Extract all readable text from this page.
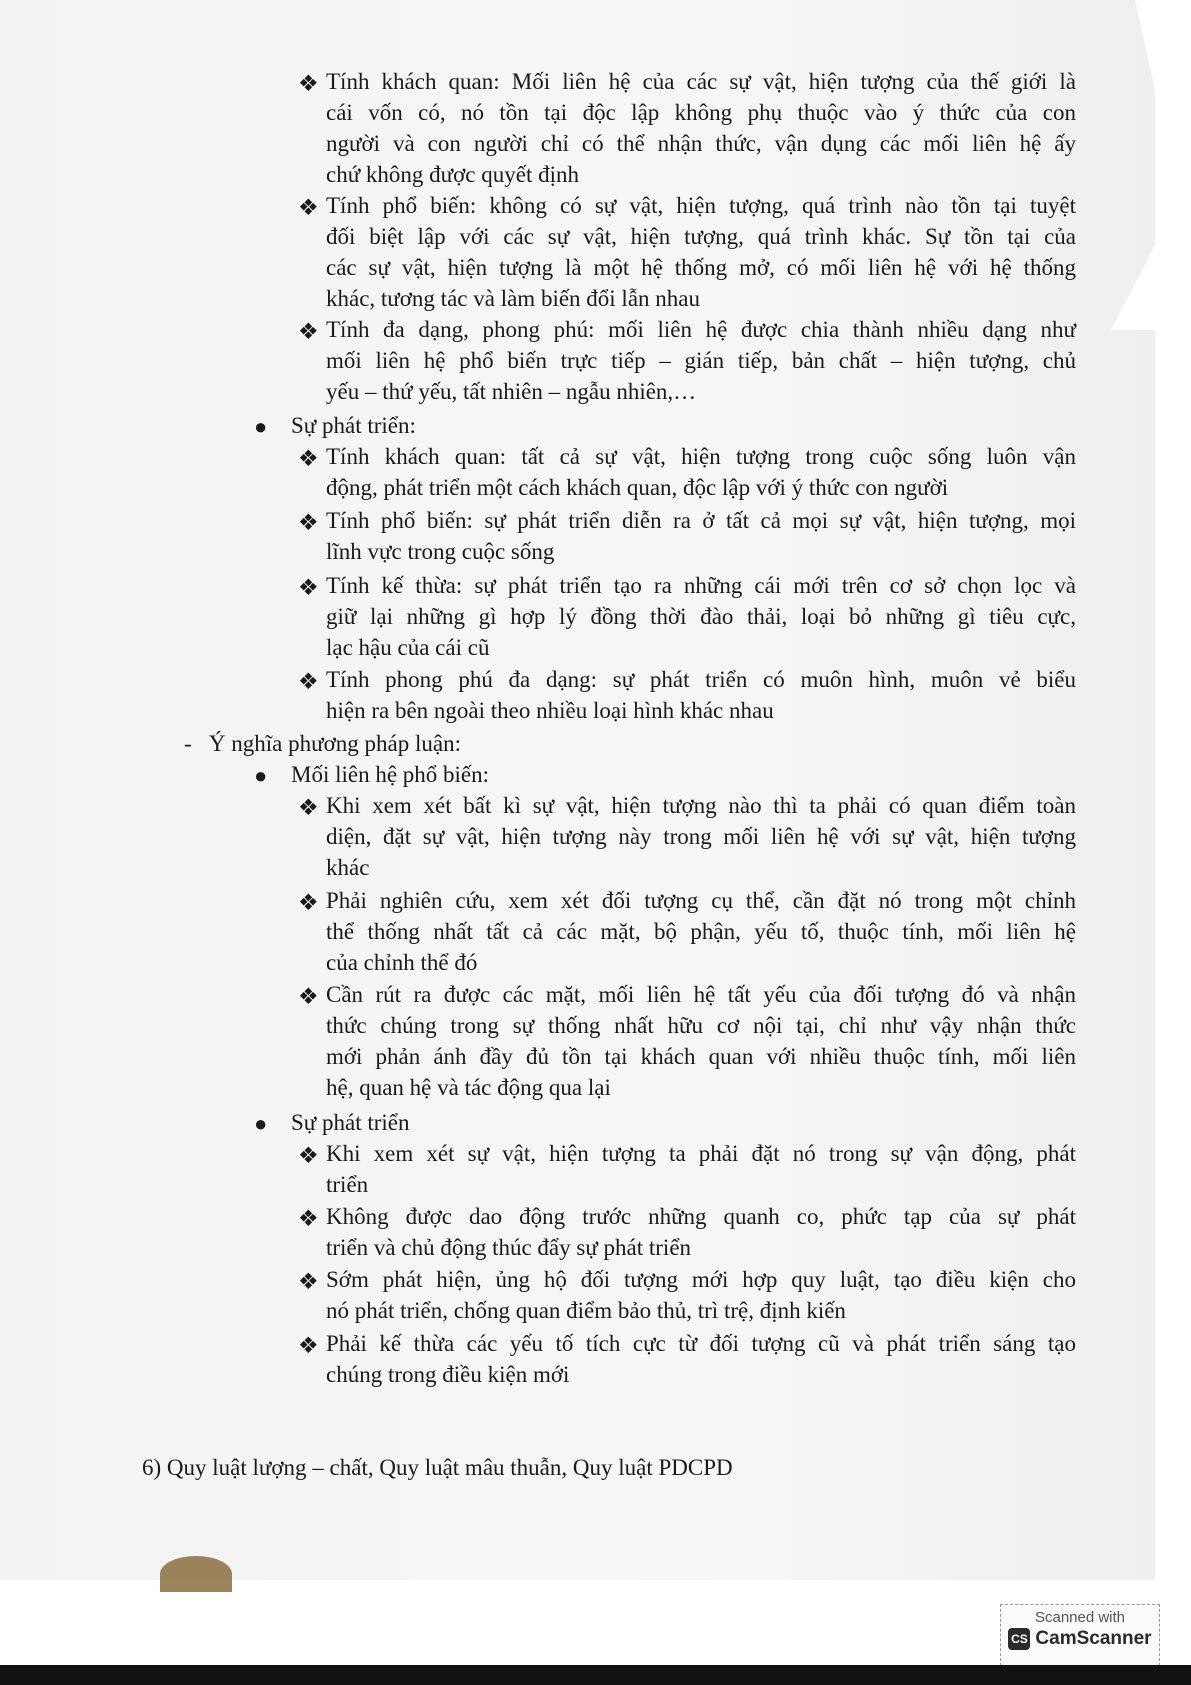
❖ Tính khách quan: Mối liên hệ của các sự vật, hiện tượng của thế giới là
cái vốn có, nó tồn tại độc lập không phụ thuộc vào ý thức của con
người và con người chỉ có thể nhận thức, vận dụng các mối liên hệ ấy
chứ không được quyết định
❖ Tính phổ biến: không có sự vật, hiện tượng, quá trình nào tồn tại tuyệt
đối biệt lập với các sự vật, hiện tượng, quá trình khác. Sự tồn tại của
các sự vật, hiện tượng là một hệ thống mở, có mối liên hệ với hệ thống
khác, tương tác và làm biến đổi lẫn nhau
❖ Tính đa dạng, phong phú: mối liên hệ được chia thành nhiều dạng như
mối liên hệ phổ biến trực tiếp – gián tiếp, bản chất – hiện tượng, chủ
yếu – thứ yếu, tất nhiên – ngẫu nhiên,…
● Sự phát triển:
❖ Tính khách quan: tất cả sự vật, hiện tượng trong cuộc sống luôn vận
động, phát triển một cách khách quan, độc lập với ý thức con người
❖ Tính phổ biến: sự phát triển diễn ra ở tất cả mọi sự vật, hiện tượng, mọi
lĩnh vực trong cuộc sống
❖ Tính kế thừa: sự phát triển tạo ra những cái mới trên cơ sở chọn lọc và
giữ lại những gì hợp lý đồng thời đào thải, loại bỏ những gì tiêu cực,
lạc hậu của cái cũ
❖ Tính phong phú đa dạng: sự phát triển có muôn hình, muôn vẻ biểu
hiện ra bên ngoài theo nhiều loại hình khác nhau
-   Ý nghĩa phương pháp luận:
● Mối liên hệ phổ biến:
❖ Khi xem xét bất kì sự vật, hiện tượng nào thì ta phải có quan điểm toàn
diện, đặt sự vật, hiện tượng này trong mối liên hệ với sự vật, hiện tượng
khác
❖ Phải nghiên cứu, xem xét đối tượng cụ thể, cần đặt nó trong một chỉnh
thể thống nhất tất cả các mặt, bộ phận, yếu tố, thuộc tính, mối liên hệ
của chỉnh thể đó
❖ Cần rút ra được các mặt, mối liên hệ tất yếu của đối tượng đó và nhận
thức chúng trong sự thống nhất hữu cơ nội tại, chỉ như vậy nhận thức
mới phản ánh đầy đủ tồn tại khách quan với nhiều thuộc tính, mối liên
hệ, quan hệ và tác động qua lại
● Sự phát triển
❖ Khi xem xét sự vật, hiện tượng ta phải đặt nó trong sự vận động, phát
triển
❖ Không được dao động trước những quanh co, phức tạp của sự phát
triển và chủ động thúc đẩy sự phát triển
❖ Sớm phát hiện, ủng hộ đối tượng mới hợp quy luật, tạo điều kiện cho
nó phát triển, chống quan điểm bảo thủ, trì trệ, định kiến
❖ Phải kế thừa các yếu tố tích cực từ đối tượng cũ và phát triển sáng tạo
chúng trong điều kiện mới
6) Quy luật lượng – chất, Quy luật mâu thuẫn, Quy luật PDCPD
Scanned with
CS CamScanner
